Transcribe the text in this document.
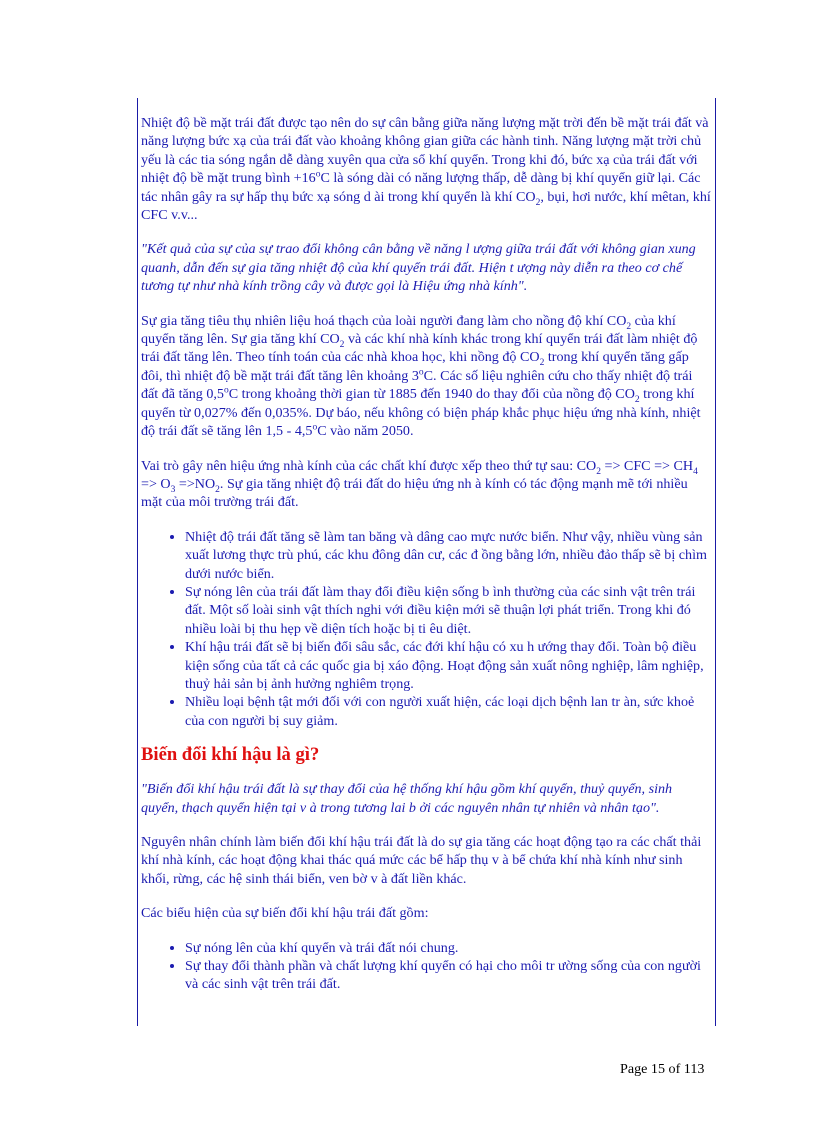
Nhiệt độ bề mặt trái đất được tạo nên do sự cân bằng giữa năng lượng mặt trời đến bề mặt trái đất và năng lượng bức xạ của trái đất vào khoảng không gian giữa các hành tinh. Năng lượng mặt trời chủ yếu là các tia sóng ngắn dễ dàng xuyên qua cửa sổ khí quyển. Trong khi đó, bức xạ của trái đất với nhiệt độ bề mặt trung bình $+16^oC$ là sóng dài có năng lượng thấp, dễ dàng bị khí quyển giữ lại. Các tác nhân gây ra sự hấp thụ bức xạ sóng d ài trong khí quyển là khí $CO_2$, bụi, hơi nước, khí mêtan, khí CFC v.v...

"Kết quả của sự của sự trao đổi không cân bằng về năng l ượng giữa trái đất với không gian xung quanh, dẫn đến sự gia tăng nhiệt độ của khí quyển trái đất. Hiện t ượng này diễn ra theo cơ chế tương tự như nhà kính trồng cây và được gọi là Hiệu ứng nhà kính".

Sự gia tăng tiêu thụ nhiên liệu hoá thạch của loài người đang làm cho nồng độ khí $CO_2$ của khí quyển tăng lên. Sự gia tăng khí $CO_2$ và các khí nhà kính khác trong khí quyển trái đất làm nhiệt độ trái đất tăng lên. Theo tính toán của các nhà khoa học, khi nồng độ $CO_2$ trong khí quyển tăng gấp đôi, thì nhiệt độ bề mặt trái đất tăng lên khoảng 3$^o$C. Các số liệu nghiên cứu cho thấy nhiệt độ trái đất đã tăng 0,5$^o$C trong khoảng thời gian từ 1885 đến 1940 do thay đổi của nồng độ $CO_2$ trong khí quyển từ 0,027% đến 0,035%. Dự báo, nếu không có biện pháp khắc phục hiệu ứng nhà kính, nhiệt độ trái đất sẽ tăng lên 1,5 - 4,5$^o$C vào năm 2050.

Vai trò gây nên hiệu ứng nhà kính của các chất khí được xếp theo thứ tự sau: $CO_2$ => CFC => $CH_4 => O_3 =>NO_2$. Sự gia tăng nhiệt độ trái đất do hiệu ứng nh à kính có tác động mạnh mẽ tới nhiều mặt của môi trường trái đất.

• Nhiệt độ trái đất tăng sẽ làm tan băng và dâng cao mực nước biển. Như vậy, nhiều vùng sản xuất lương thực trù phú, các khu đông dân cư, các đ ồng bằng lớn, nhiều đảo thấp sẽ bị chìm dưới nước biển.
• Sự nóng lên của trái đất làm thay đổi điều kiện sống b ình thường của các sinh vật trên trái đất. Một số loài sinh vật thích nghi với điều kiện mới sẽ thuận lợi phát triển. Trong khi đó nhiều loài bị thu hẹp về diện tích hoặc bị ti êu diệt.
• Khí hậu trái đất sẽ bị biến đổi sâu sắc, các đới khí hậu có xu h ướng thay đổi. Toàn bộ điều kiện sống của tất cả các quốc gia bị xáo động. Hoạt động sản xuất nông nghiệp, lâm nghiệp, thuỷ hải sản bị ảnh hưởng nghiêm trọng.
• Nhiều loại bệnh tật mới đối với con người xuất hiện, các loại dịch bệnh lan tr àn, sức khoẻ của con người bị suy giảm.
Biến đổi khí hậu là gì?

"Biến đổi khí hậu trái đất là sự thay đổi của hệ thống khí hậu gồm khí quyển, thuỷ quyển, sinh quyển, thạch quyển hiện tại v à trong tương lai b ởi các nguyên nhân tự nhiên và nhân tạo".

Nguyên nhân chính làm biến đổi khí hậu trái đất là do sự gia tăng các hoạt động tạo ra các chất thải khí nhà kính, các hoạt động khai thác quá mức các bể hấp thụ v à bể chứa khí nhà kính như sinh khối, rừng, các hệ sinh thái biển, ven bờ v à đất liền khác.

Các biểu hiện của sự biến đổi khí hậu trái đất gồm:

• Sự nóng lên của khí quyển và trái đất nói chung.
• Sự thay đổi thành phần và chất lượng khí quyển có hại cho môi tr ường sống của con người và các sinh vật trên trái đất.
Page 15 of 113
